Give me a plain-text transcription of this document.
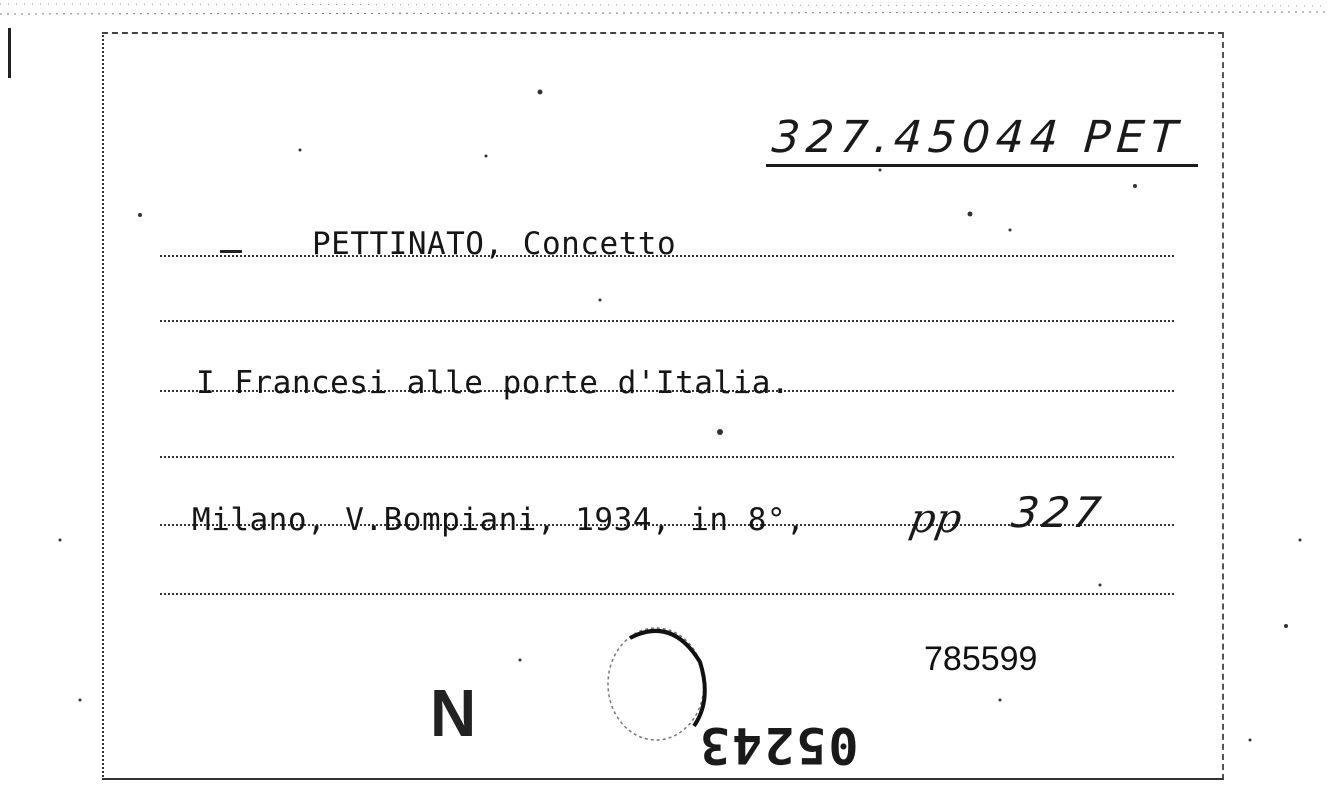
327.45044 PET
PETTINATO, Concetto
I Francesi alle porte d'Italia.
Milano, V.Bompiani, 1934, in 8°,	pp 327
785599
N	05243
